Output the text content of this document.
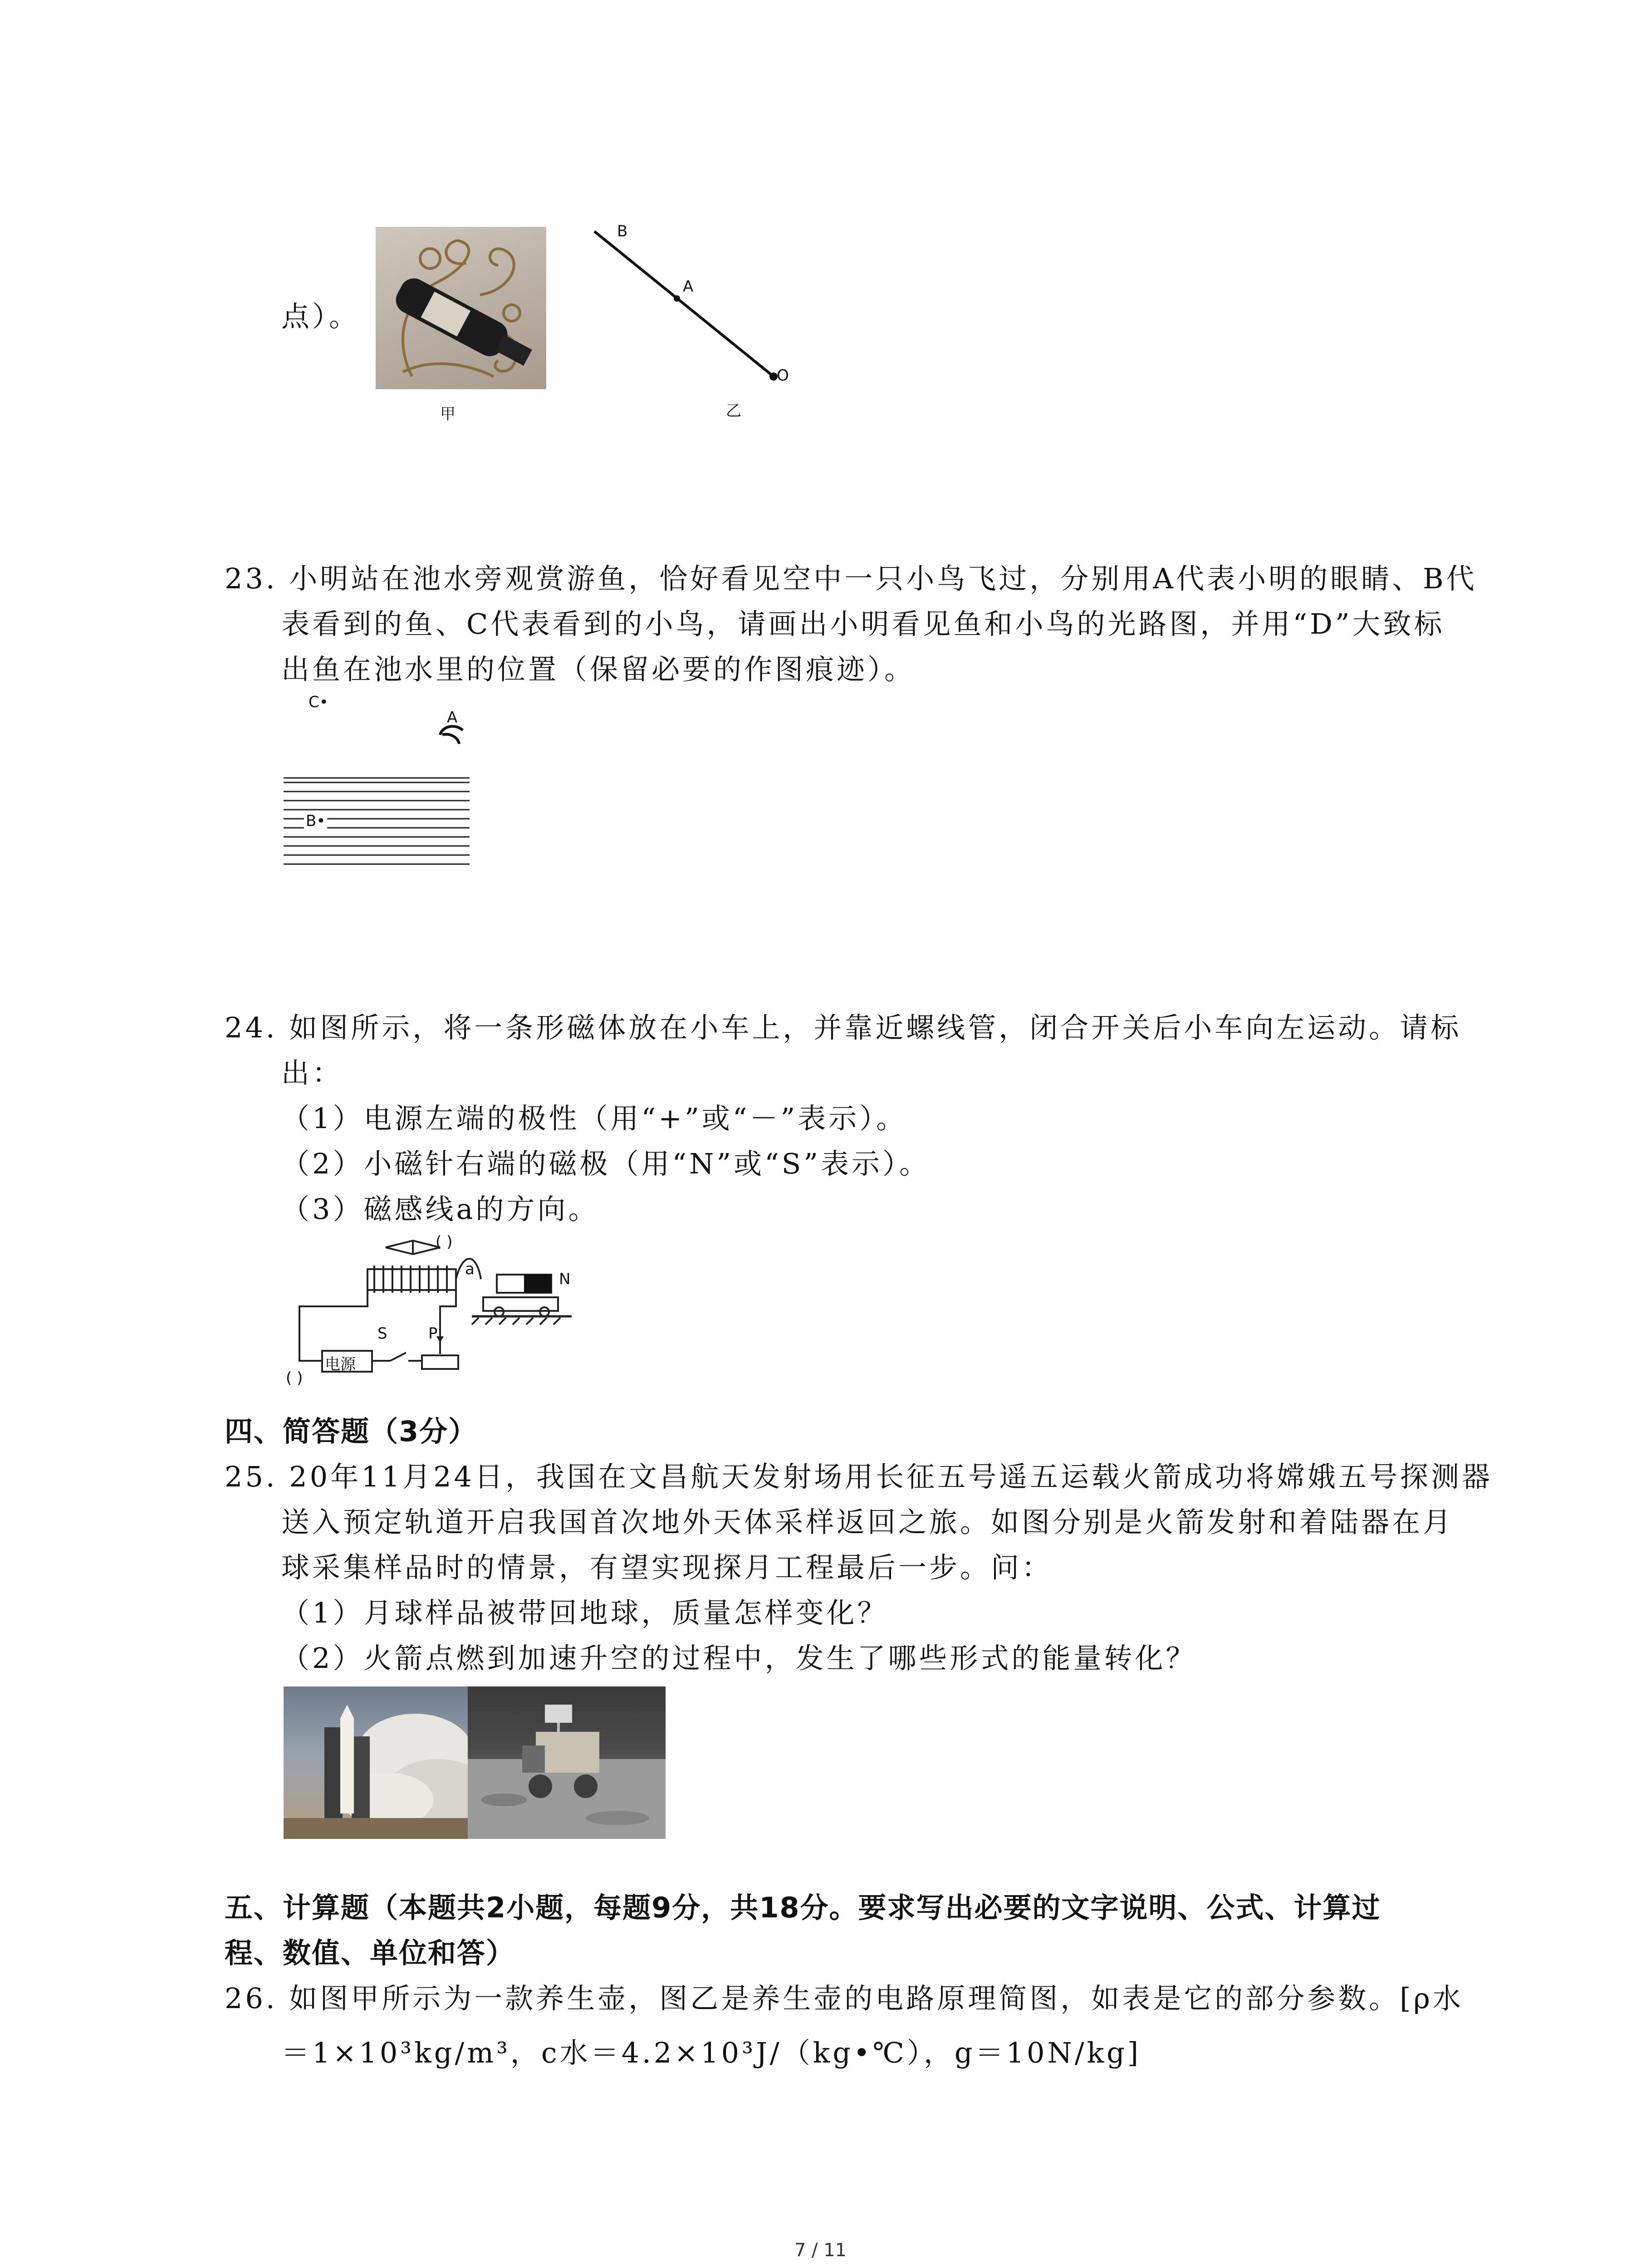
点）。
甲
B
A
O
乙
23. 小明站在池水旁观赏游鱼，恰好看见空中一只小鸟飞过，分别用A代表小明的眼睛、B代
表看到的鱼、C代表看到的小鸟，请画出小明看见鱼和小鸟的光路图，并用“D”大致标
出鱼在池水里的位置（保留必要的作图痕迹）。
C•
A
B•
24. 如图所示，将一条形磁体放在小车上，并靠近螺线管，闭合开关后小车向左运动。请标
出：
（1）电源左端的极性（用“+”或“－”表示）。
（2）小磁针右端的磁极（用“N”或“S”表示）。
（3）磁感线a的方向。
( )
a
N
S	P
电源
( )
四、简答题（3分）
25. 20年11月24日，我国在文昌航天发射场用长征五号遥五运载火箭成功将嫦娥五号探测器
送入预定轨道开启我国首次地外天体采样返回之旅。如图分别是火箭发射和着陆器在月
球采集样品时的情景，有望实现探月工程最后一步。问：
（1）月球样品被带回地球，质量怎样变化？
（2）火箭点燃到加速升空的过程中，发生了哪些形式的能量转化？
五、计算题（本题共2小题，每题9分，共18分。要求写出必要的文字说明、公式、计算过
程、数值、单位和答）
26. 如图甲所示为一款养生壶，图乙是养生壶的电路原理简图，如表是它的部分参数。[ρ水
＝1×10³kg/m³，c水＝4.2×10³J/（kg•℃），g＝10N/kg]
7 / 11
